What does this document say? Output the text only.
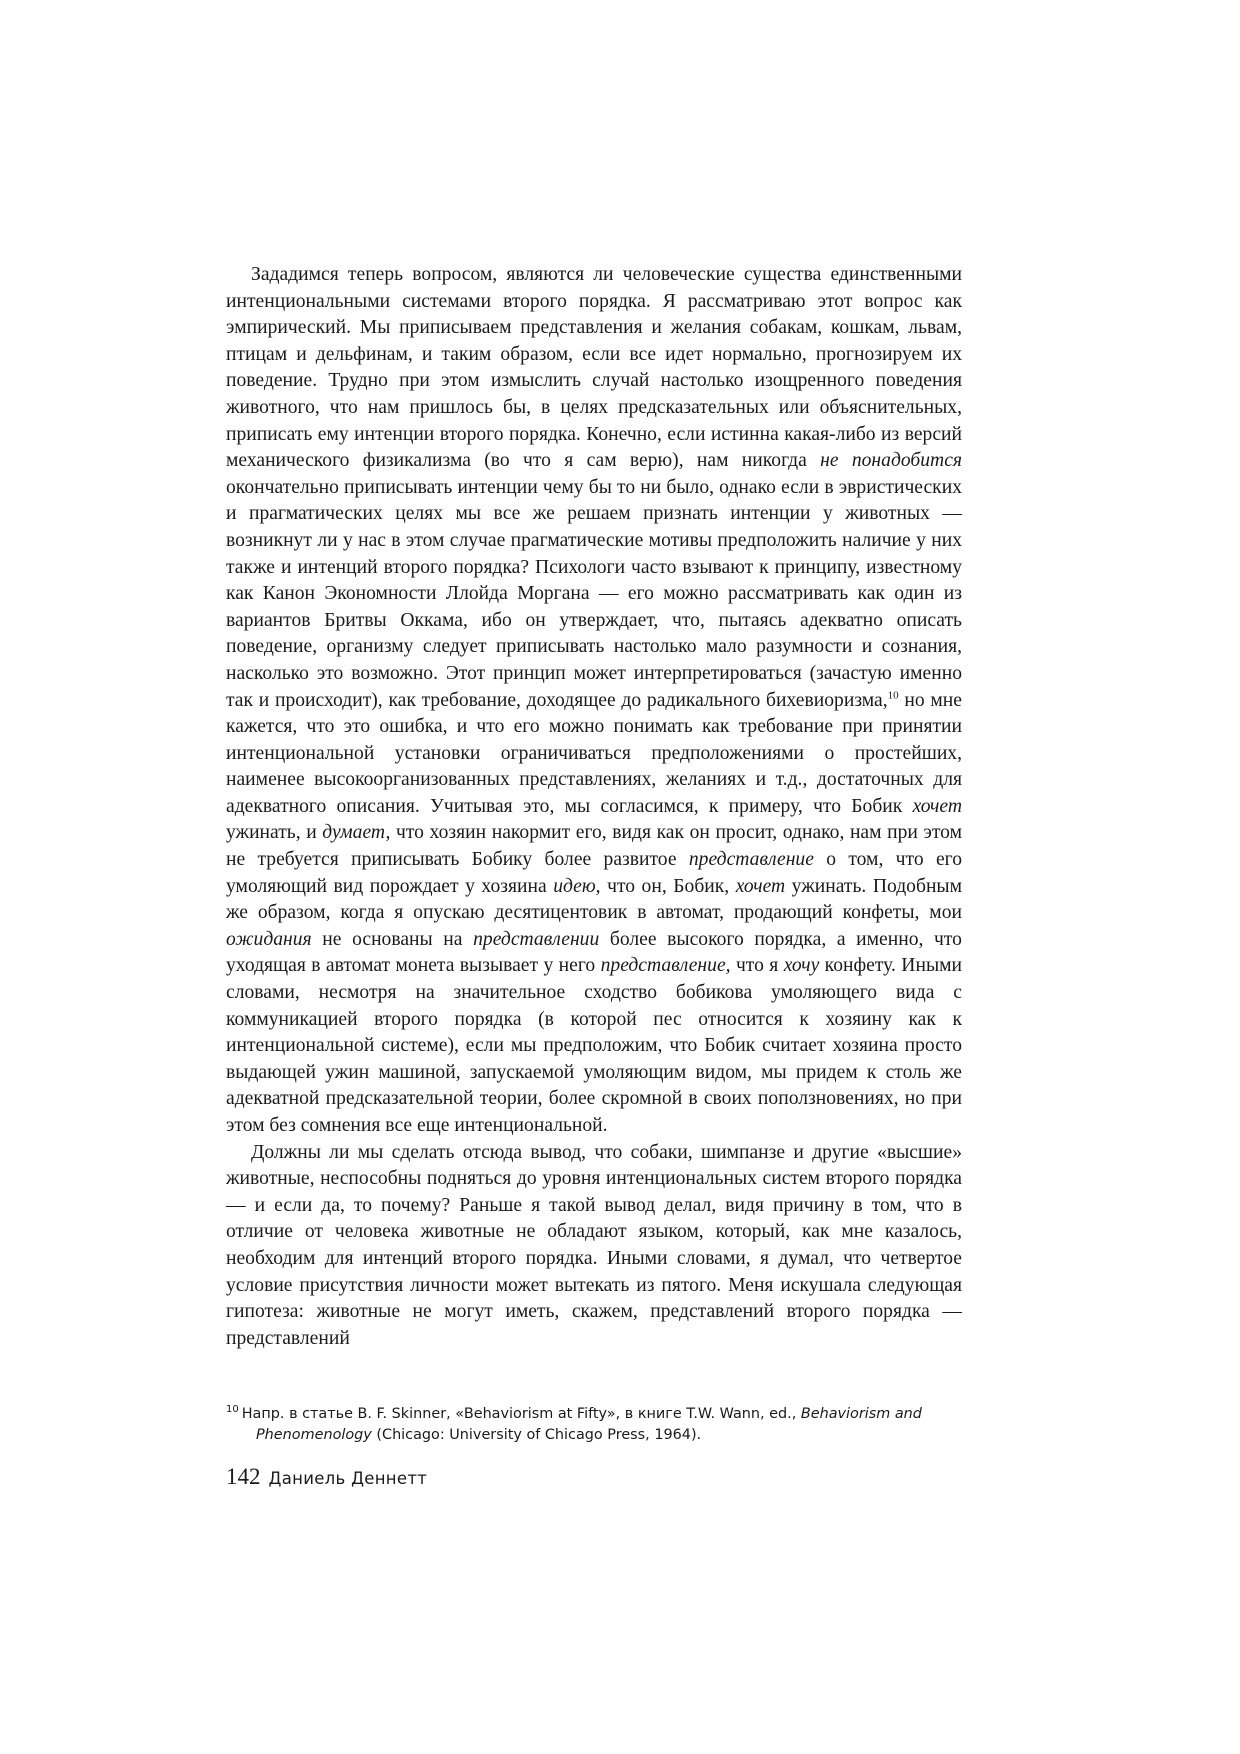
Зададимся теперь вопросом, являются ли человеческие существа единственными интенциональными системами второго порядка. Я рассматриваю этот вопрос как эмпирический. Мы приписываем представления и желания собакам, кошкам, львам, птицам и дельфинам, и таким образом, если все идет нормально, прогнозируем их поведение. Трудно при этом измыслить случай настолько изощренного поведения животного, что нам пришлось бы, в целях предсказательных или объяснительных, приписать ему интенции второго порядка. Конечно, если истинна какая-либо из версий механического физикализма (во что я сам верю), нам никогда не понадобится окончательно приписывать интенции чему бы то ни было, однако если в эвристических и прагматических целях мы все же решаем признать интенции у животных — возникнут ли у нас в этом случае прагматические мотивы предположить наличие у них также и интенций второго порядка? Психологи часто взывают к принципу, известному как Канон Экономности Ллойда Моргана — его можно рассматривать как один из вариантов Бритвы Оккама, ибо он утверждает, что, пытаясь адекватно описать поведение, организму следует приписывать настолько мало разумности и сознания, насколько это возможно. Этот принцип может интерпретироваться (зачастую именно так и происходит), как требование, доходящее до радикального бихевиоризма,$^{10}$ но мне кажется, что это ошибка, и что его можно понимать как требование при принятии интенциональной установки ограничиваться предположениями о простейших, наименее высокоорганизованных представлениях, желаниях и т.д., достаточных для адекватного описания. Учитывая это, мы согласимся, к примеру, что Бобик хочет ужинать, и думает, что хозяин накормит его, видя как он просит, однако, нам при этом не требуется приписывать Бобику более развитое представление о том, что его умоляющий вид порождает у хозяина идею, что он, Бобик, хочет ужинать. Подобным же образом, когда я опускаю десятицентовик в автомат, продающий конфеты, мои ожидания не основаны на представлении более высокого порядка, а именно, что уходящая в автомат монета вызывает у него представление, что я хочу конфету. Иными словами, несмотря на значительное сходство бобикова умоляющего вида с коммуникацией второго порядка (в которой пес относится к хозяину как к интенциональной системе), если мы предположим, что Бобик считает хозяина просто выдающей ужин машиной, запускаемой умоляющим видом, мы придем к столь же адекватной предсказательной теории, более скромной в своих поползновениях, но при этом без сомнения все еще интенциональной.

Должны ли мы сделать отсюда вывод, что собаки, шимпанзе и другие «высшие» животные, неспособны подняться до уровня интенциональных систем второго порядка — и если да, то почему? Раньше я такой вывод делал, видя причину в том, что в отличие от человека животные не обладают языком, который, как мне казалось, необходим для интенций второго порядка. Иными словами, я думал, что четвертое условие присутствия личности может вытекать из пятого. Меня искушала следующая гипотеза: животные не могут иметь, скажем, представлений второго порядка — представлений

$^{10}$ Напр. в статье B. F. Skinner, «Behaviorism at Fifty», в книге T.W. Wann, ed., Behaviorism and
Phenomenology (Chicago: University of Chicago Press, 1964).
142 Даниель Деннетт
